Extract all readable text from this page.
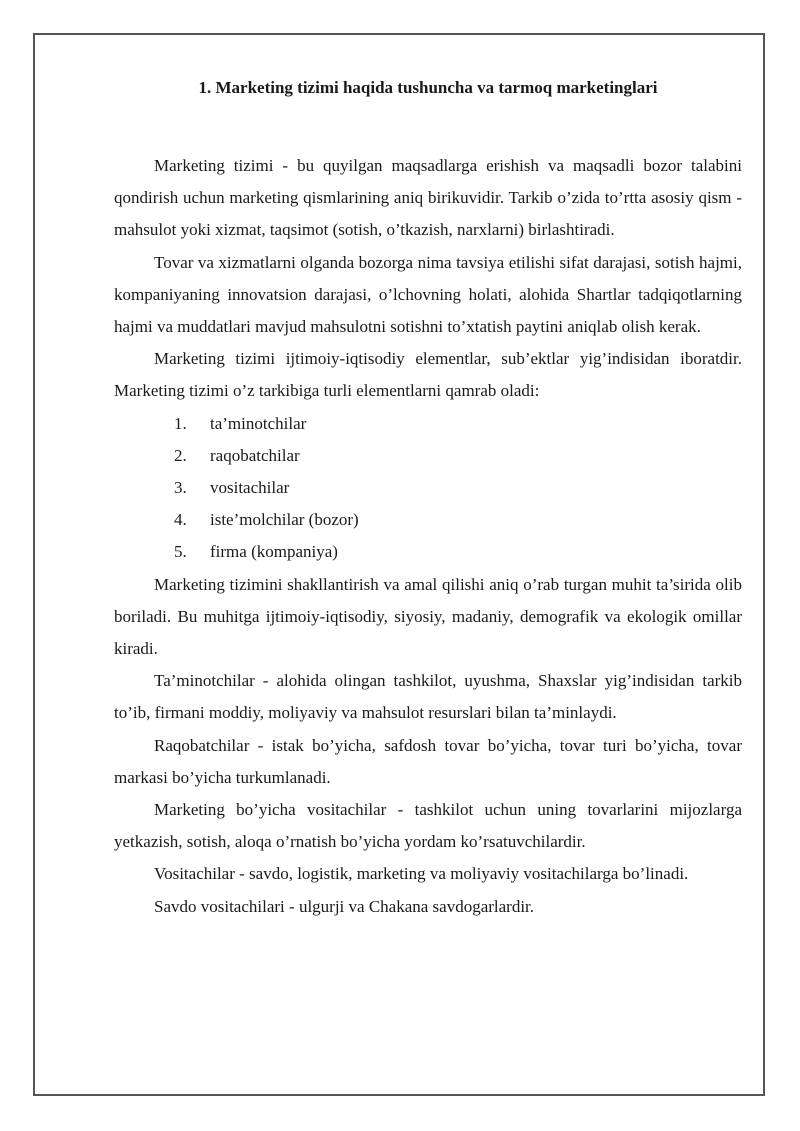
1. Marketing tizimi haqida tushuncha va tarmoq marketinglari

Marketing tizimi - bu quyilgan maqsadlarga erishish va maqsadli bozor talabini qondirish uchun marketing qismlarining aniq birikuvidir. Tarkib o’zida to’rtta asosiy qism - mahsulot yoki xizmat, taqsimot (sotish, o’tkazish, narxlarni) birlashtiradi.

Tovar va xizmatlarni olganda bozorga nima tavsiya etilishi sifat darajasi, sotish hajmi, kompaniyaning innovatsion darajasi, o’lchovning holati, alohida Shartlar tadqiqotlarning hajmi va muddatlari mavjud mahsulotni sotishni to’xtatish paytini aniqlab olish kerak.

Marketing tizimi ijtimoiy-iqtisodiy elementlar, sub’ektlar yig’indisidan iboratdir. Marketing tizimi o’z tarkibiga turli elementlarni qamrab oladi:

1. ta’minotchilar
2. raqobatchilar
3. vositachilar
4. iste’molchilar (bozor)
5. firma (kompaniya)

Marketing tizimini shakllantirish va amal qilishi aniq o’rab turgan muhit ta’sirida olib boriladi. Bu muhitga ijtimoiy-iqtisodiy, siyosiy, madaniy, demografik va ekologik omillar kiradi.

Ta’minotchilar - alohida olingan tashkilot, uyushma, Shaxslar yig’indisidan tarkib to’ib, firmani moddiy, moliyaviy va mahsulot resurslari bilan ta’minlaydi.

Raqobatchilar - istak bo’yicha, safdosh tovar bo’yicha, tovar turi bo’yicha, tovar markasi bo’yicha turkumlanadi.

Marketing bo’yicha vositachilar - tashkilot uchun uning tovarlarini mijozlarga yetkazish, sotish, aloqa o’rnatish bo’yicha yordam ko’rsatuvchilardir.

Vositachilar - savdo, logistik, marketing va moliyaviy vositachilarga bo’linadi.

Savdo vositachilari - ulgurji va Chakana savdogarlardir.
